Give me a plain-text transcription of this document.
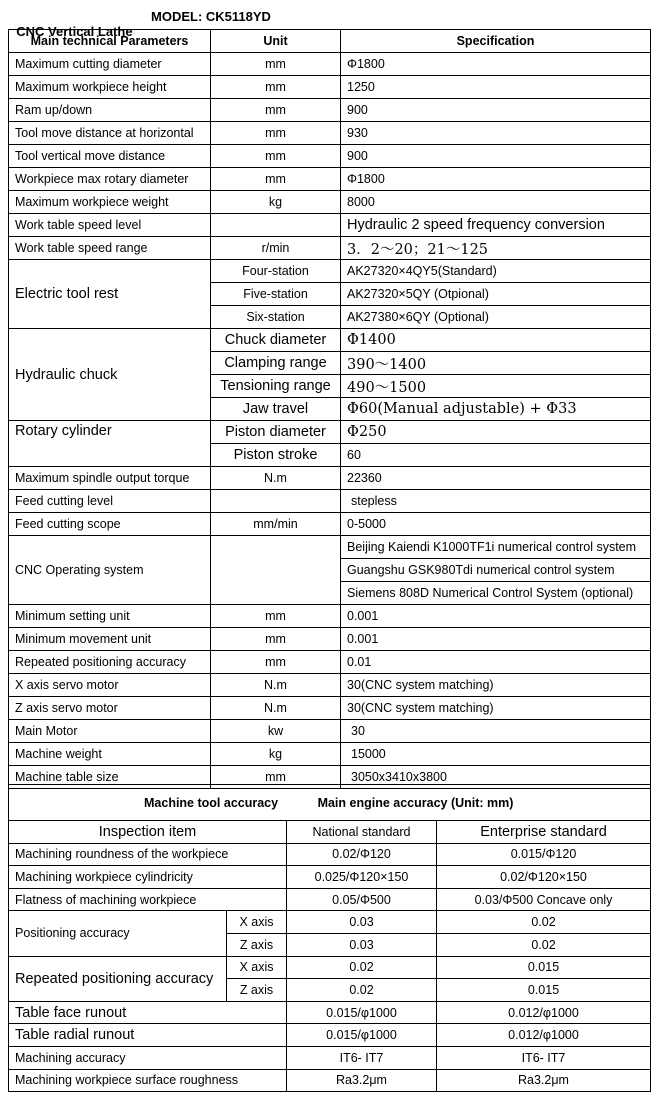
CNC Vertical Lathe

MODEL: CK5118YD

Main technical Parameters	Unit	Specification
Maximum cutting diameter	mm	Φ1800
Maximum workpiece height	mm	1250
Ram up/down	mm	900
Tool move distance at horizontal	mm	930
Tool vertical move distance	mm	900
Workpiece max rotary diameter	mm	Φ1800
Maximum workpiece weight	kg	8000
Work table speed level		Hydraulic 2 speed frequency conversion
Work table speed range	r/min	3．2～20；21～125
Electric tool rest	Four-station	AK27320×4QY5(Standard)
	Five-station	AK27320×5QY (Otpional)
	Six-station	AK27380×6QY (Optional)
Hydraulic chuck	Chuck diameter	Φ1400
	Clamping range	390～1400
	Tensioning range	490～1500
	Jaw travel	Φ60(Manual adjustable) + Φ33
Rotary cylinder	Piston diameter	Φ250
	Piston stroke	60
Maximum spindle output torque	N.m	22360
Feed cutting level		stepless
Feed cutting scope	mm/min	0-5000
CNC Operating system		Beijing Kaiendi K1000TF1i numerical control system
		Guangshu GSK980Tdi numerical control system
		Siemens 808D Numerical Control System (optional)
Minimum setting unit	mm	0.001
Minimum movement unit	mm	0.001
Repeated positioning accuracy	mm	0.01
X axis servo motor	N.m	30(CNC system matching)
Z axis servo motor	N.m	30(CNC system matching)
Main Motor	kw	30
Machine weight	kg	15000
Machine table size	mm	3050x3410x3800
Machine tool accuracy Main engine accuracy (Unit: mm)			
Inspection item		National standard	Enterprise standard
Machining roundness of the workpiece		0.02/Φ120	0.015/Φ120
Machining workpiece cylindricity		0.025/Φ120×150	0.02/Φ120×150
Flatness of machining workpiece		0.05/Φ500	0.03/Φ500 Concave only
Positioning accuracy	X axis	0.03	0.02
	Z axis	0.03	0.02
Repeated positioning accuracy	X axis	0.02	0.015
	Z axis	0.02	0.015
Table face runout		0.015/φ1000	0.012/φ1000
Table radial runout		0.015/φ1000	0.012/φ1000
Machining accuracy		IT6- IT7	IT6- IT7
Machining workpiece surface roughness		Ra3.2μm	Ra3.2μm
